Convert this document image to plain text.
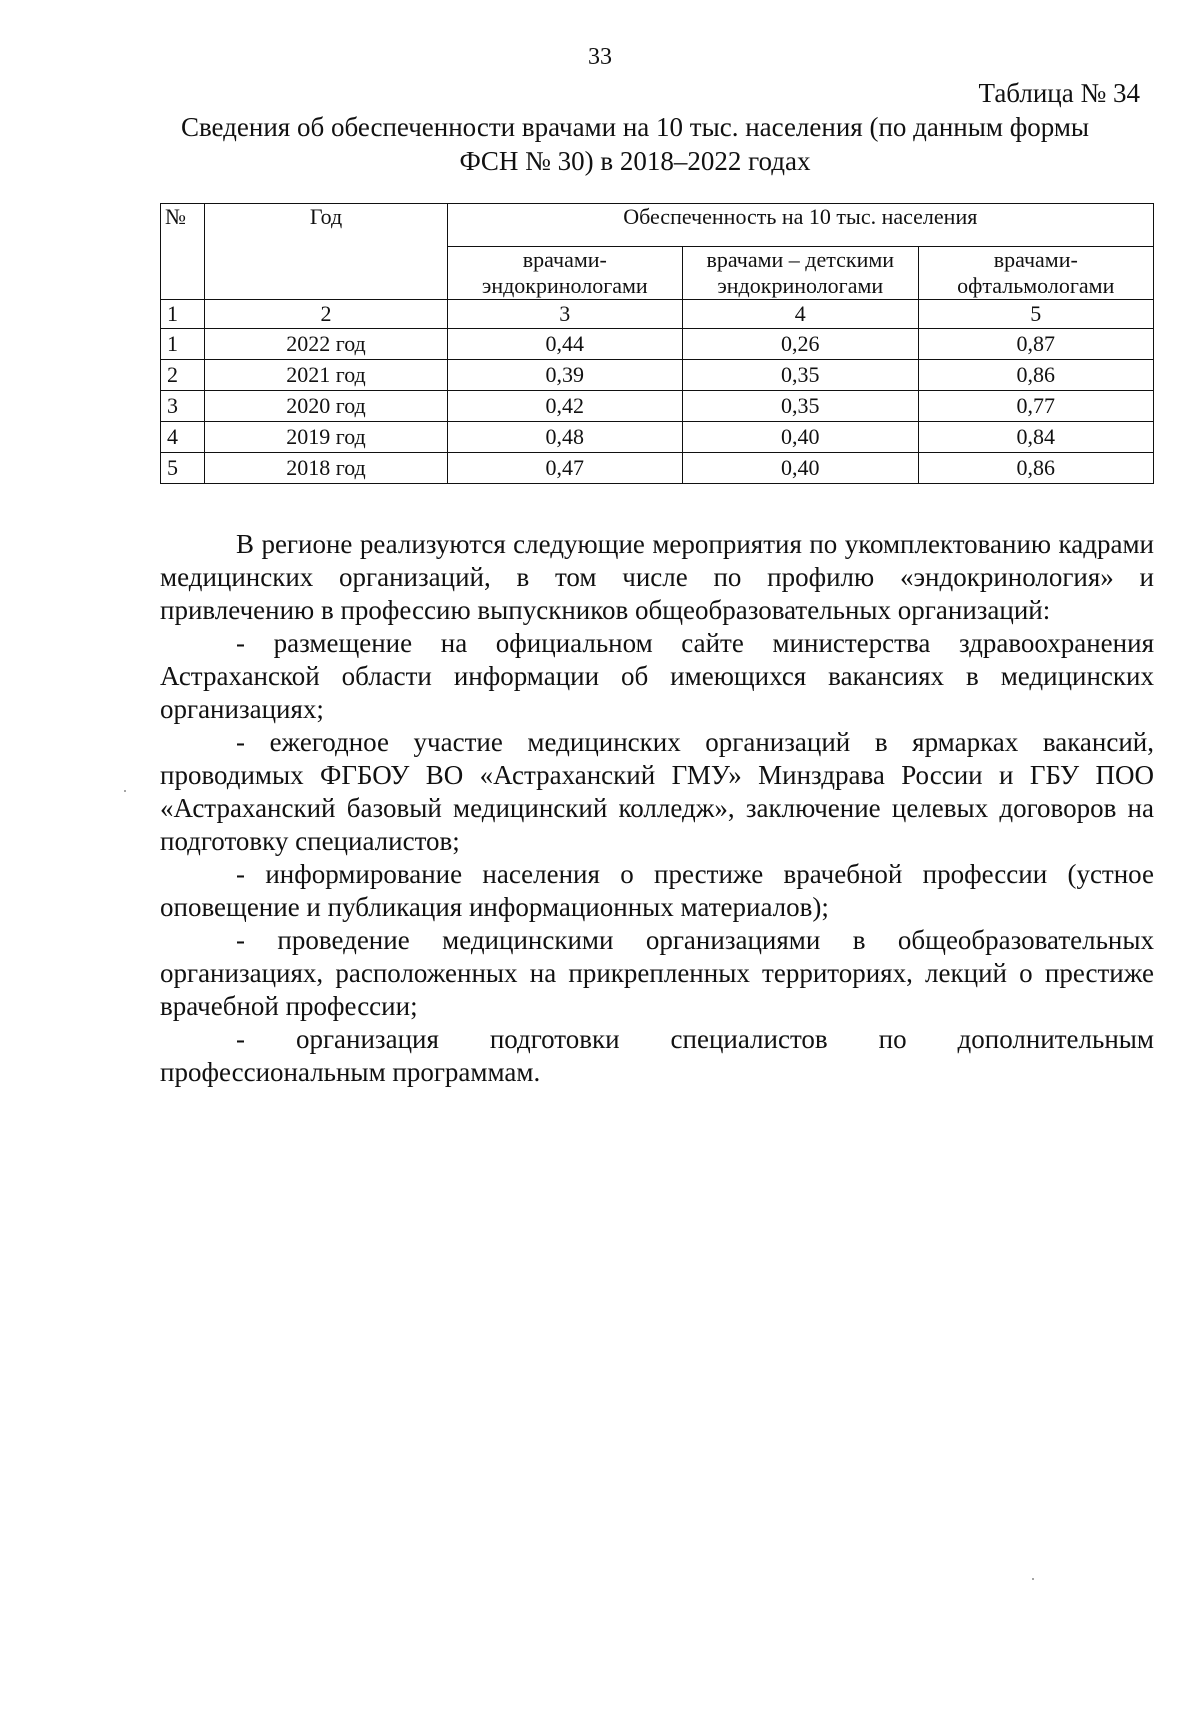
33
Таблица № 34
Сведения об обеспеченности врачами на 10 тыс. населения (по данным формы ФСН № 30) в 2018–2022 годах
№	Год	Обеспеченность на 10 тыс. населения		
		врачами-эндокринологами	врачами – детскими эндокринологами	врачами-офтальмологами
1	2	3	4	5
1	2022 год	0,44	0,26	0,87
2	2021 год	0,39	0,35	0,86
3	2020 год	0,42	0,35	0,77
4	2019 год	0,48	0,40	0,84
5	2018 год	0,47	0,40	0,86

В регионе реализуются следующие мероприятия по укомплектованию кадрами медицинских организаций, в том числе по профилю «эндокринология» и привлечению в профессию выпускников общеобразовательных организаций:

- размещение на официальном сайте министерства здравоохранения Астраханской области информации об имеющихся вакансиях в медицинских организациях;

- ежегодное участие медицинских организаций в ярмарках вакансий, проводимых ФГБОУ ВО «Астраханский ГМУ» Минздрава России и ГБУ ПОО «Астраханский базовый медицинский колледж», заключение целевых договоров на подготовку специалистов;

- информирование населения о престиже врачебной профессии (устное оповещение и публикация информационных материалов);

- проведение медицинскими организациями в общеобразовательных организациях, расположенных на прикрепленных территориях, лекций о престиже врачебной профессии;

- организация подготовки специалистов по дополнительным профессиональным программам.
